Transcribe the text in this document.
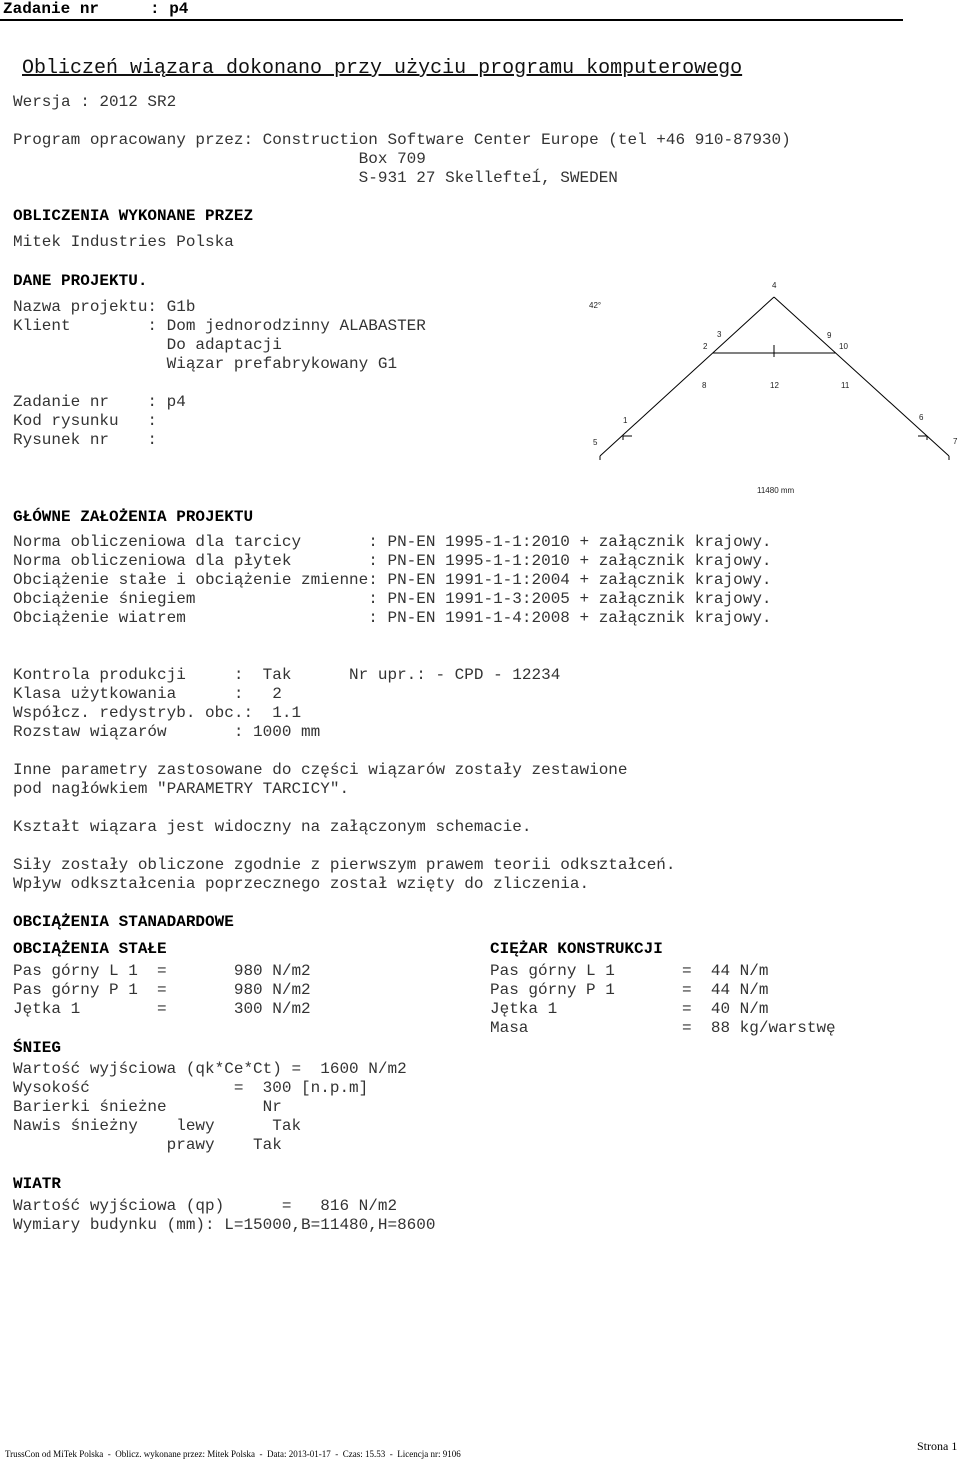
Zadanie nr	: p4
Obliczeń wiązara dokonano przy użyciu programu komputerowego
Wersja : 2012 SR2
Program opracowany przez: Construction Software Center Europe (tel +46 910-87930)
Box 709
S-931 27 Skellefteĺ, SWEDEN
OBLICZENIA WYKONANE PRZEZ
Mitek Industries Polska
DANE PROJEKTU.
Nazwa projektu: G1b
Klient        : Dom jednorodzinny ALABASTER
Do adaptacji
Wiązar prefabrykowany G1
Zadanie nr    : p4
Kod rysunku   :
Rysunek nr    :
42°
1
2
3
4
5
6
7
8
9
10
11
12
11480 mm
GŁÓWNE ZAŁOŻENIA PROJEKTU
Norma obliczeniowa dla tarcicy       : PN-EN 1995-1-1:2010 + załącznik krajowy.
Norma obliczeniowa dla płytek        : PN-EN 1995-1-1:2010 + załącznik krajowy.
Obciążenie stałe i obciążenie zmienne: PN-EN 1991-1-1:2004 + załącznik krajowy.
Obciążenie śniegiem                  : PN-EN 1991-1-3:2005 + załącznik krajowy.
Obciążenie wiatrem                   : PN-EN 1991-1-4:2008 + załącznik krajowy.
Kontrola produkcji     :  Tak      Nr upr.: - CPD - 12234
Klasa użytkowania      :   2
Współcz. redystryb. obc.:  1.1
Rozstaw wiązarów       : 1000 mm
Inne parametry zastosowane do części wiązarów zostały zestawione
pod nagłówkiem "PARAMETRY TARCICY".
Kształt wiązara jest widoczny na załączonym schemacie.
Siły zostały obliczone zgodnie z pierwszym prawem teorii odkształceń.
Wpływ odkształcenia poprzecznego został wzięty do zliczenia.
OBCIĄŻENIA STANADARDOWE
OBCIĄŻENIA STAŁE
Pas górny L 1  =       980 N/m2
Pas górny P 1  =       980 N/m2
Jętka 1        =       300 N/m2
CIĘŻAR KONSTRUKCJI
Pas górny L 1       =  44 N/m
Pas górny P 1       =  44 N/m
Jętka 1             =  40 N/m
Masa                =  88 kg/warstwę
ŚNIEG
Wartość wyjściowa (qk*Ce*Ct) =  1600 N/m2
Wysokość               =  300 [n.p.m]
Barierki śnieżne          Nr
Nawis śnieżny    lewy      Tak
prawy    Tak
WIATR
Wartość wyjściowa (qp)      =   816 N/m2
Wymiary budynku (mm): L=15000,B=11480,H=8600
TrussCon od MiTek Polska  -  Oblicz. wykonane przez: Mitek Polska  -  Data: 2013-01-17  -  Czas: 15.53  -  Licencja nr: 9106
Strona 1
